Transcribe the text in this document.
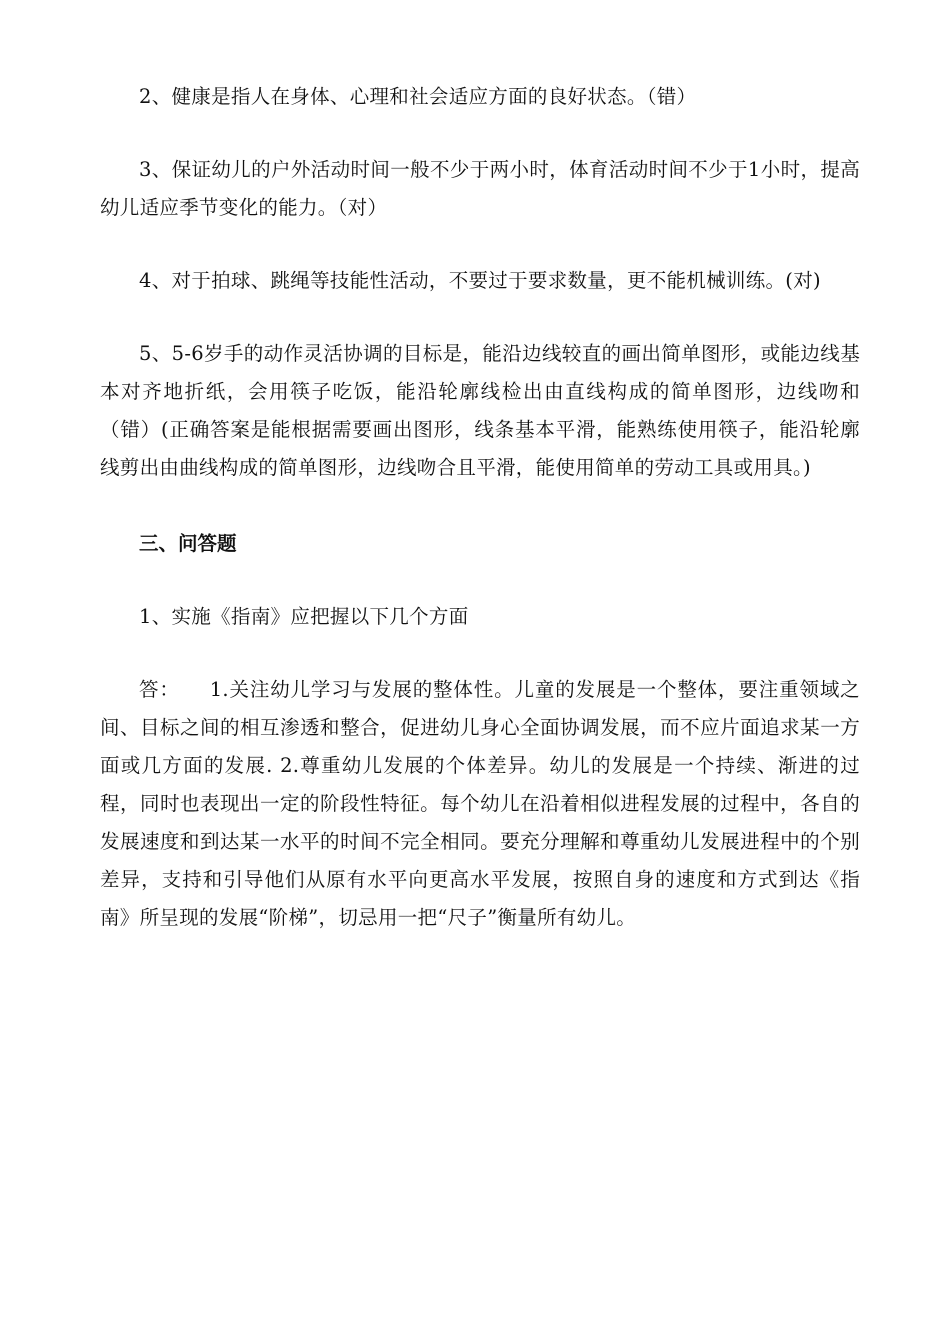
2、健康是指人在身体、心理和社会适应方面的良好状态。（错）

3、保证幼儿的户外活动时间一般不少于两小时，体育活动时间不少于1小时，提高幼儿适应季节变化的能力。（对）

4、对于拍球、跳绳等技能性活动，不要过于要求数量，更不能机械训练。(对)

5、5-6岁手的动作灵活协调的目标是，能沿边线较直的画出简单图形，或能边线基本对齐地折纸，会用筷子吃饭，能沿轮廓线检出由直线构成的简单图形，边线吻和（错）(正确答案是能根据需要画出图形，线条基本平滑，能熟练使用筷子，能沿轮廓线剪出由曲线构成的简单图形，边线吻合且平滑，能使用简单的劳动工具或用具。)

三、问答题

1、实施《指南》应把握以下几个方面

答： 1.关注幼儿学习与发展的整体性。儿童的发展是一个整体，要注重领域之间、目标之间的相互渗透和整合，促进幼儿身心全面协调发展，而不应片面追求某一方面或几方面的发展. 2.尊重幼儿发展的个体差异。幼儿的发展是一个持续、渐进的过程，同时也表现出一定的阶段性特征。每个幼儿在沿着相似进程发展的过程中，各自的发展速度和到达某一水平的时间不完全相同。要充分理解和尊重幼儿发展进程中的个别差异，支持和引导他们从原有水平向更高水平发展，按照自身的速度和方式到达《指南》所呈现的发展“阶梯”，切忌用一把“尺子”衡量所有幼儿。
